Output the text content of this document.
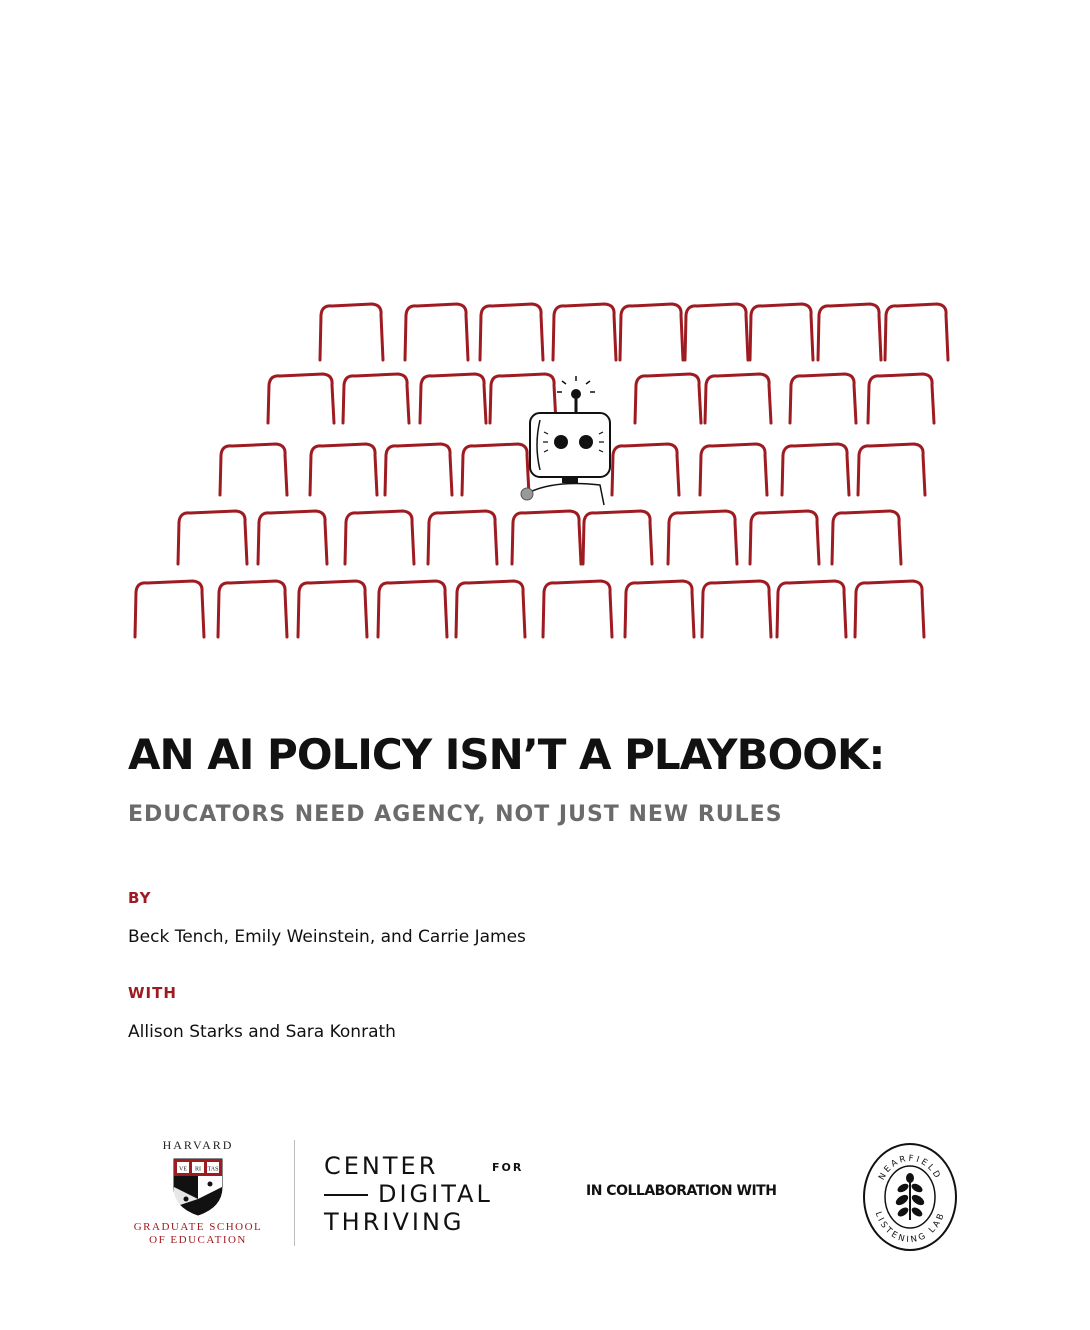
AN AI POLICY ISN’T A PLAYBOOK:
EDUCATORS NEED AGENCY, NOT JUST NEW RULES
BY
Beck Tench, Emily Weinstein, and Carrie James
WITH
Allison Starks and Sara Konrath
HARVARD
VE RI TAS
GRADUATE SCHOOL
OF EDUCATION
CENTER	FOR
DIGITAL
THRIVING
IN COLLABORATION WITH
NEARFIELD
LISTENING LAB
